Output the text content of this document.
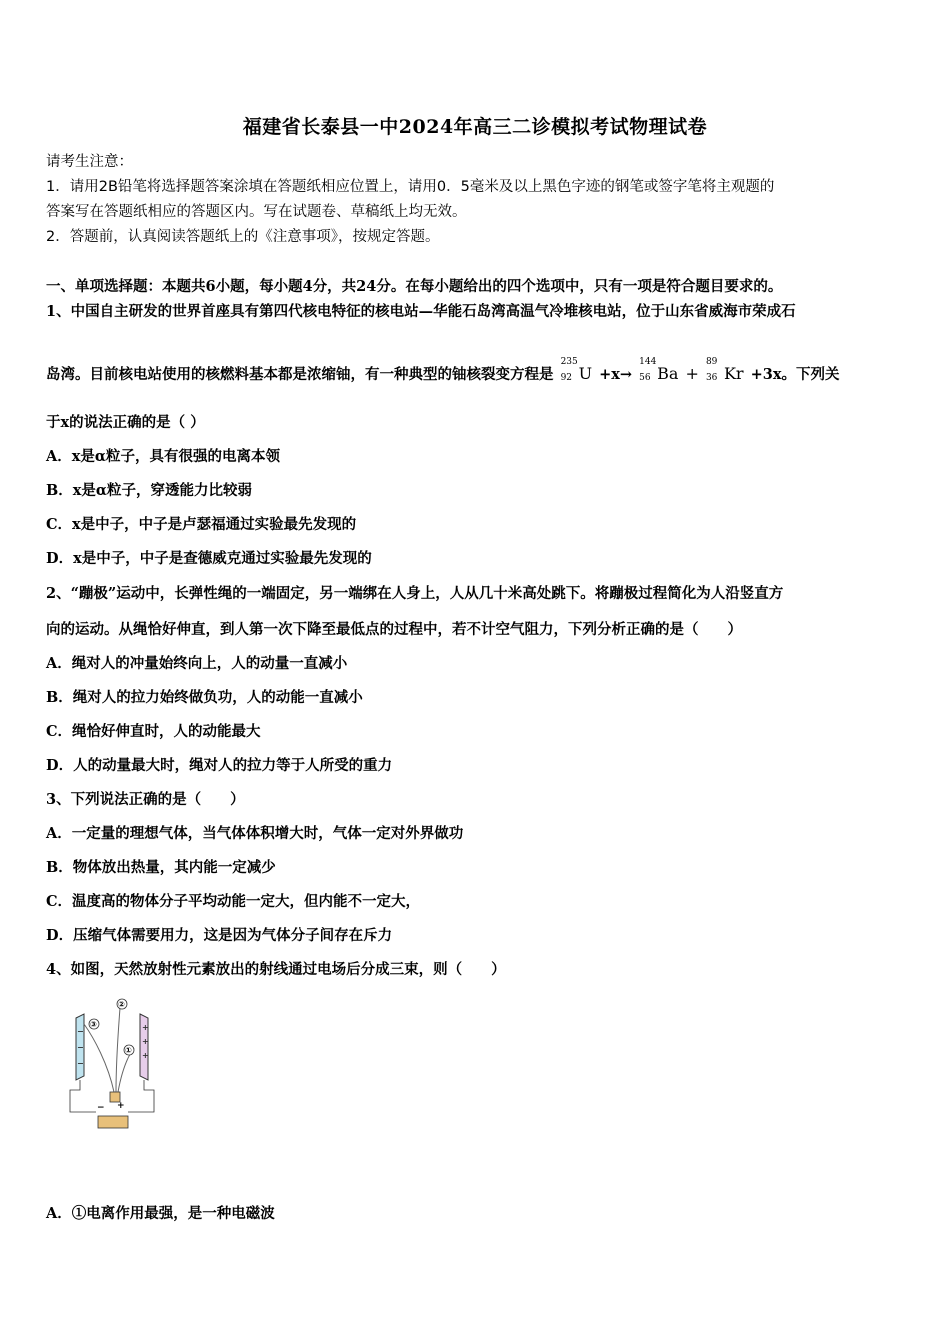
福建省长泰县一中2024年高三二诊模拟考试物理试卷
请考生注意：
1．请用2B铅笔将选择题答案涂填在答题纸相应位置上，请用0．5毫米及以上黑色字迹的钢笔或签字笔将主观题的
答案写在答题纸相应的答题区内。写在试题卷、草稿纸上均无效。
2．答题前，认真阅读答题纸上的《注意事项》，按规定答题。
一、单项选择题：本题共6小题，每小题4分，共24分。在每小题给出的四个选项中，只有一项是符合题目要求的。
1、中国自主研发的世界首座具有第四代核电特征的核电站—华能石岛湾高温气冷堆核电站，位于山东省威海市荣成石
岛湾。目前核电站使用的核燃料基本都是浓缩铀，有一种典型的铀核裂变方程是
235
92 U +x→
144
56 Ba +
89
36 Kr +3x。下列关
于x的说法正确的是（ ）
A．x是α粒子，具有很强的电离本领
B．x是α粒子，穿透能力比较弱
C．x是中子，中子是卢瑟福通过实验最先发现的
D．x是中子，中子是查德威克通过实验最先发现的
2、“蹦极”运动中，长弹性绳的一端固定，另一端绑在人身上，人从几十米高处跳下。将蹦极过程简化为人沿竖直方
向的运动。从绳恰好伸直，到人第一次下降至最低点的过程中，若不计空气阻力，下列分析正确的是（　　）
A．绳对人的冲量始终向上，人的动量一直减小
B．绳对人的拉力始终做负功，人的动能一直减小
C．绳恰好伸直时，人的动能最大
D．人的动量最大时，绳对人的拉力等于人所受的重力
3、下列说法正确的是（　　）
A．一定量的理想气体，当气体体积增大时，气体一定对外界做功
B．物体放出热量，其内能一定减少
C．温度高的物体分子平均动能一定大，但内能不一定大，
D．压缩气体需要用力，这是因为气体分子间存在斥力
4、如图，天然放射性元素放出的射线通过电场后分成三束，则（　　）
+
+
+
−
−
−
③
②
①
− +
A．①电离作用最强，是一种电磁波
